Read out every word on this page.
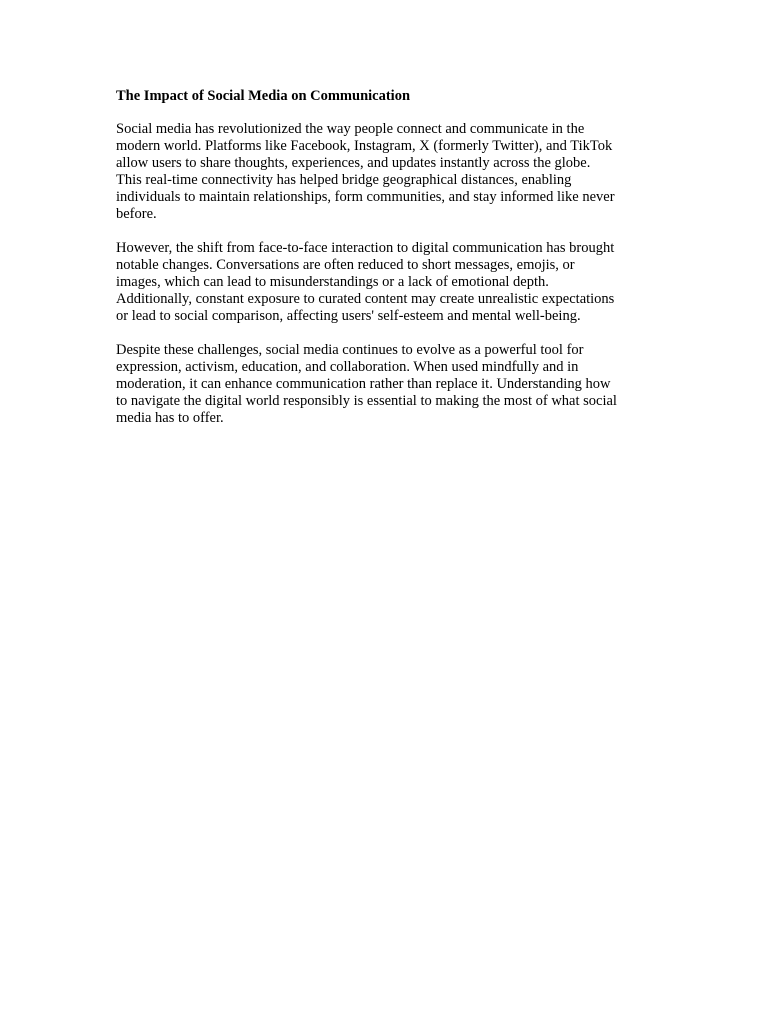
The Impact of Social Media on Communication
Social media has revolutionized the way people connect and communicate in the
modern world. Platforms like Facebook, Instagram, X (formerly Twitter), and TikTok
allow users to share thoughts, experiences, and updates instantly across the globe.
This real-time connectivity has helped bridge geographical distances, enabling
individuals to maintain relationships, form communities, and stay informed like never
before.
However, the shift from face-to-face interaction to digital communication has brought
notable changes. Conversations are often reduced to short messages, emojis, or
images, which can lead to misunderstandings or a lack of emotional depth.
Additionally, constant exposure to curated content may create unrealistic expectations
or lead to social comparison, affecting users' self-esteem and mental well-being.
Despite these challenges, social media continues to evolve as a powerful tool for
expression, activism, education, and collaboration. When used mindfully and in
moderation, it can enhance communication rather than replace it. Understanding how
to navigate the digital world responsibly is essential to making the most of what social
media has to offer.
